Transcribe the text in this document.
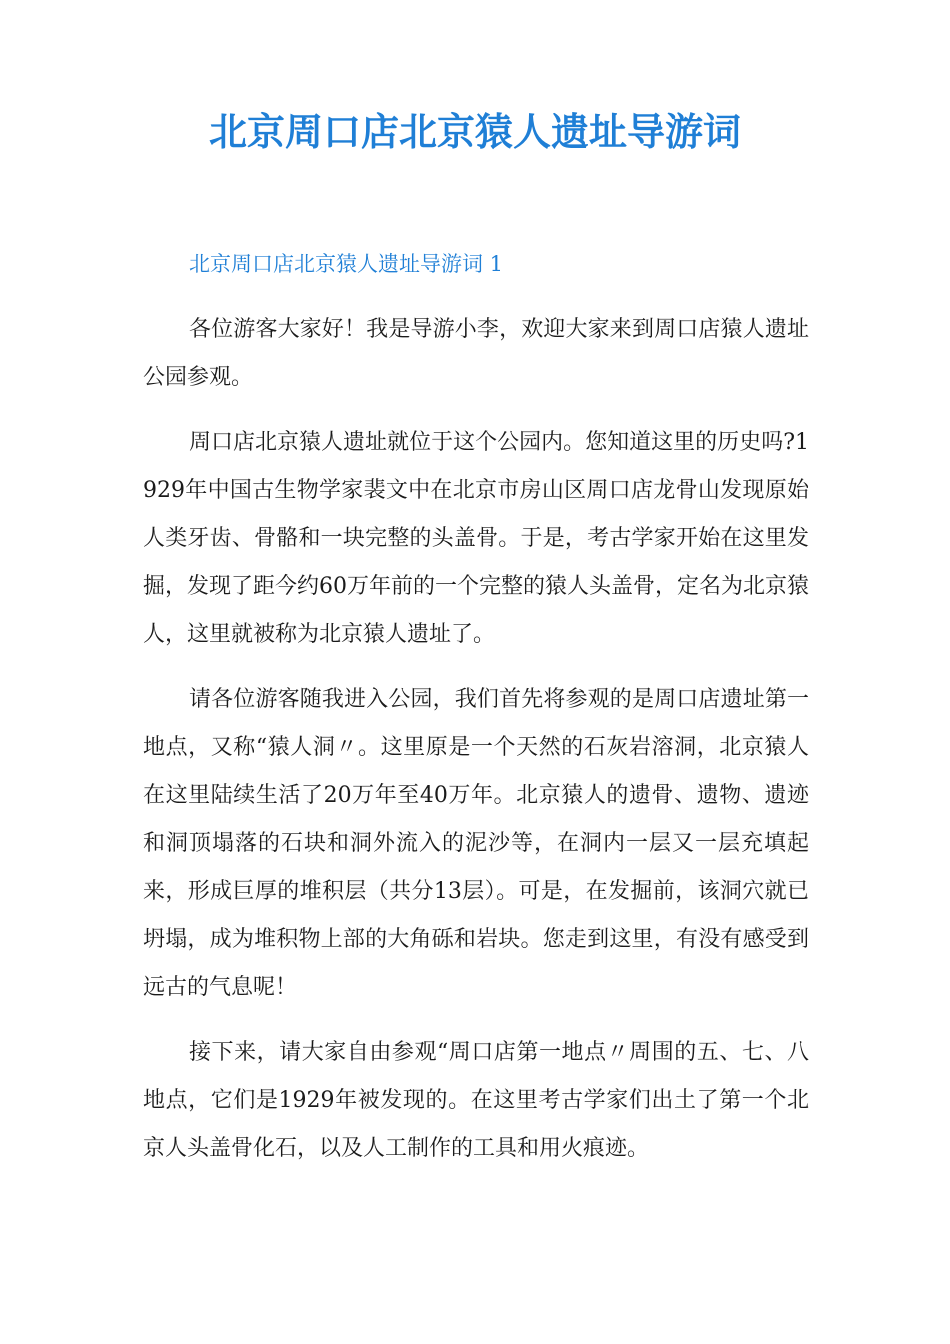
北京周口店北京猿人遗址导游词

北京周口店北京猿人遗址导游词 1

各位游客大家好！我是导游小李，欢迎大家来到周口店猿人遗址公园参观。

周口店北京猿人遗址就位于这个公园内。您知道这里的历史吗?1929年中国古生物学家裴文中在北京市房山区周口店龙骨山发现原始人类牙齿、骨骼和一块完整的头盖骨。于是，考古学家开始在这里发掘，发现了距今约60万年前的一个完整的猿人头盖骨，定名为北京猿人，这里就被称为北京猿人遗址了。

请各位游客随我进入公园，我们首先将参观的是周口店遗址第一地点，又称“猿人洞〃。这里原是一个天然的石灰岩溶洞，北京猿人在这里陆续生活了20万年至40万年。北京猿人的遗骨、遗物、遗迹和洞顶塌落的石块和洞外流入的泥沙等，在洞内一层又一层充填起来，形成巨厚的堆积层（共分13层）。可是，在发掘前，该洞穴就已坍塌，成为堆积物上部的大角砾和岩块。您走到这里，有没有感受到远古的气息呢！

接下来，请大家自由参观“周口店第一地点〃周围的五、七、八地点，它们是1929年被发现的。在这里考古学家们出土了第一个北京人头盖骨化石，以及人工制作的工具和用火痕迹。
